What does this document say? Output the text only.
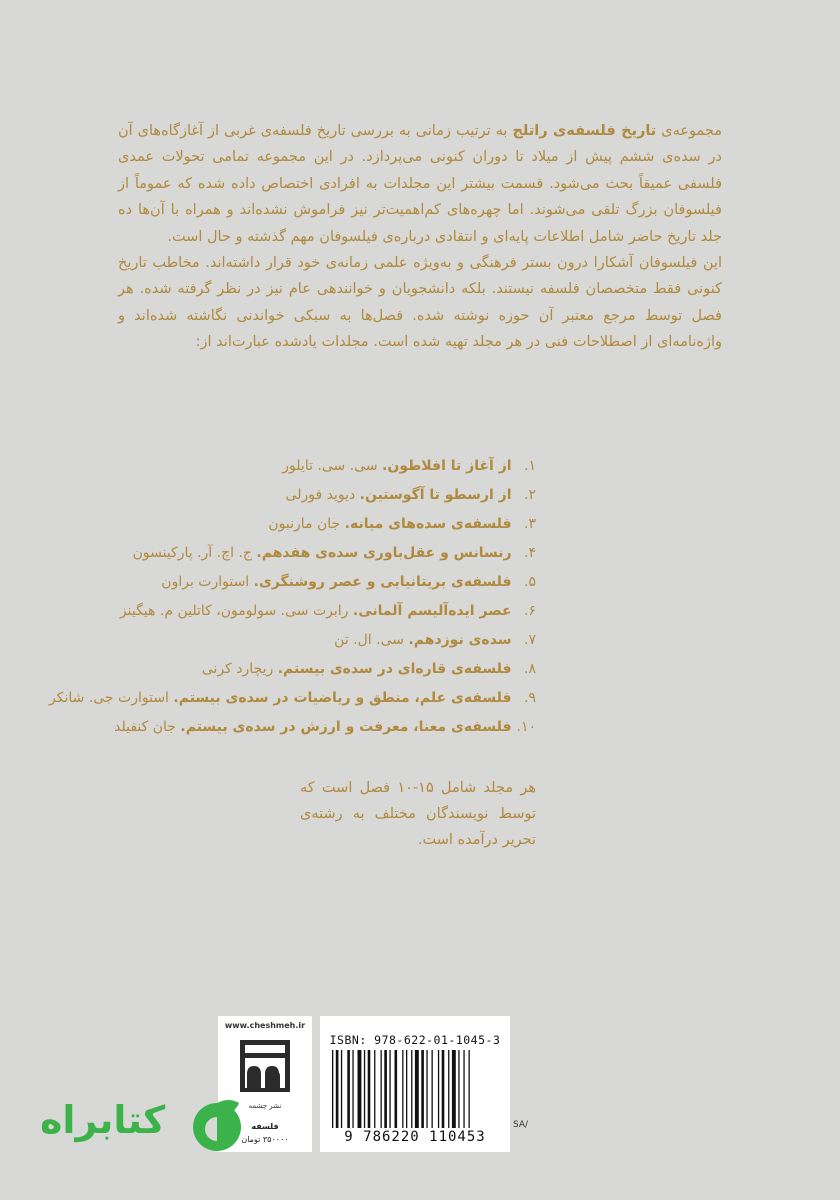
مجموعه‌ی تاریخ فلسفه‌ی راتلج به ترتیب زمانی به بررسی تاریخ فلسفه‌ی غربی از آغازگاه‌های آن در سده‌ی ششم پیش از میلاد تا دوران کنونی می‌پردازد. در این مجموعه تمامی تحولات عمدی فلسفی عمیقاً بحث می‌شود. قسمت بیشتر این مجلدات به افرادی اختصاص داده شده که عموماً از فیلسوفان بزرگ تلقی می‌شوند. اما چهره‌های کم‌اهمیت‌تر نیز فراموش نشده‌اند و همراه با آن‌ها ده جلد تاریخ حاضر شامل اطلاعات پایه‌ای و انتقادی درباره‌ی فیلسوفان مهم گذشته و حال است.

این فیلسوفان آشکارا درون بستر فرهنگی و به‌ویژه علمی زمانه‌ی خود قرار داشته‌اند. مخاطب تاریخ کنونی فقط متخصصان فلسفه نیستند. بلکه دانشجویان و خوانندهی عام نیز در نظر گرفته شده. هر فصل توسط مرجع معتبر آن حوزه نوشته شده. فصل‌ها به سبکی خواندنی نگاشته شده‌اند و واژه‌نامه‌ای از اصطلاحات فنی در هر مجلد تهیه شده است. مجلدات یادشده عبارت‌اند از:

۱. از آغاز تا افلاطون. سی. سی. تایلور
۲. از ارسطو تا آگوستین. دیوید فورلی
۳. فلسفه‌ی سده‌های میانه. جان مارنبون
۴. رنسانس و عقل‌باوری سده‌ی هفدهم. ج. اچ. آر. پارکینسون
۵. فلسفه‌ی بریتانیایی و عصر روشنگری. استوارت براون
۶. عصر ایده‌آلیسم آلمانی. رابرت سی. سولومون، کاتلین م. هیگینز
۷. سده‌ی نوزدهم. سی. ال. تن
۸. فلسفه‌ی قاره‌ای در سده‌ی بیستم. ریچارد کرنی
۹. فلسفه‌ی علم، منطق و ریاضیات در سده‌ی بیستم. استوارت جی. شانکر
۱۰. فلسفه‌ی معنا، معرفت و ارزش در سده‌ی بیستم. جان کنفیلد

هر مجلد شامل ۱۵-۱۰ فصل است که توسط نویسندگان مختلف به رشته‌ی تحریر درآمده است.

www.cheshmeh.ir
نشر چشمه
فلسفه
۳۵۰۰۰۰ تومان
ISBN: 978-622-01-1045-3
9 786220 110453
SA/
کتابراه
